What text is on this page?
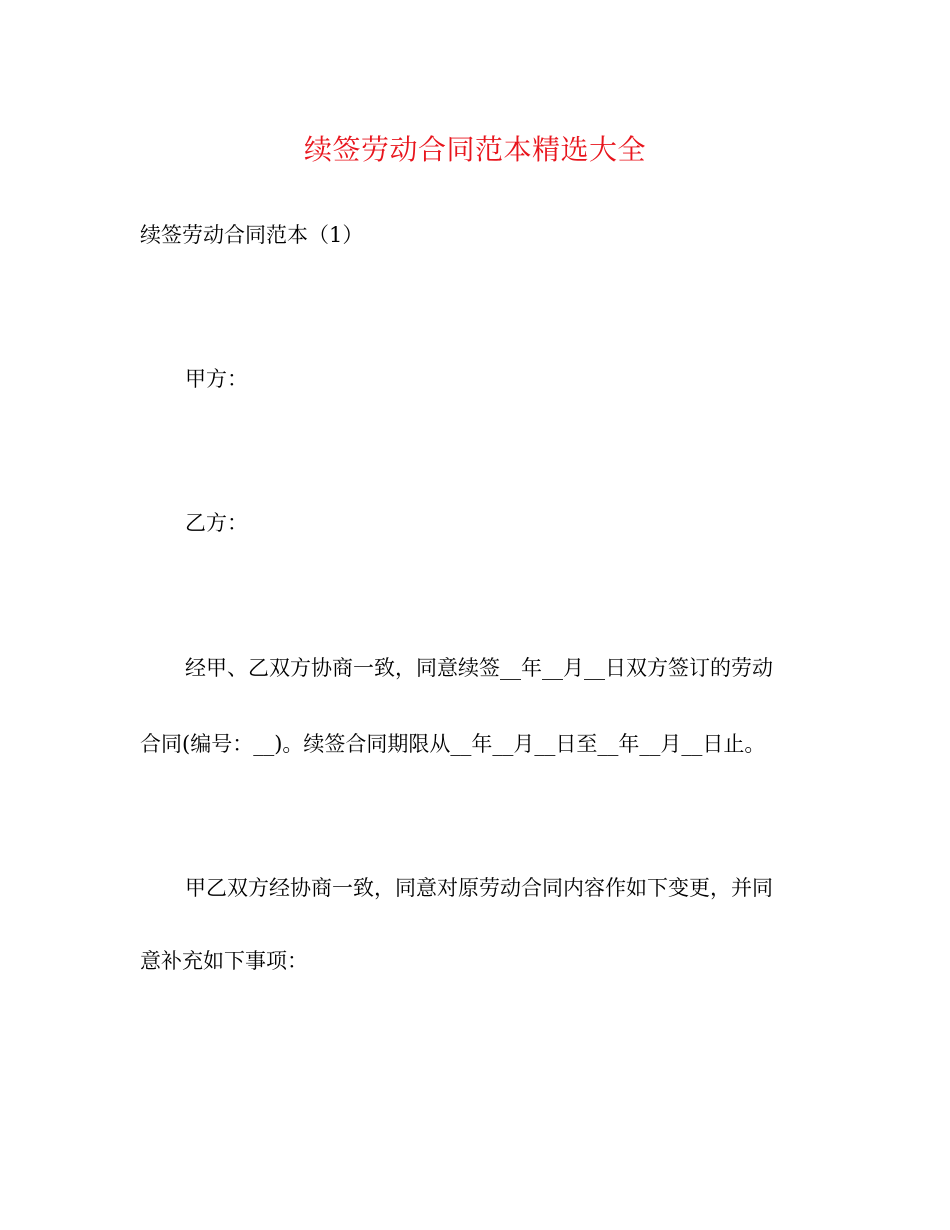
续签劳动合同范本精选大全
续签劳动合同范本（1）
甲方：
乙方：
经甲、乙双方协商一致，同意续签__年__月__日双方签订的劳动
合同(编号：__)。续签合同期限从__年__月__日至__年__月__日止。
甲乙双方经协商一致，同意对原劳动合同内容作如下变更，并同
意补充如下事项：
